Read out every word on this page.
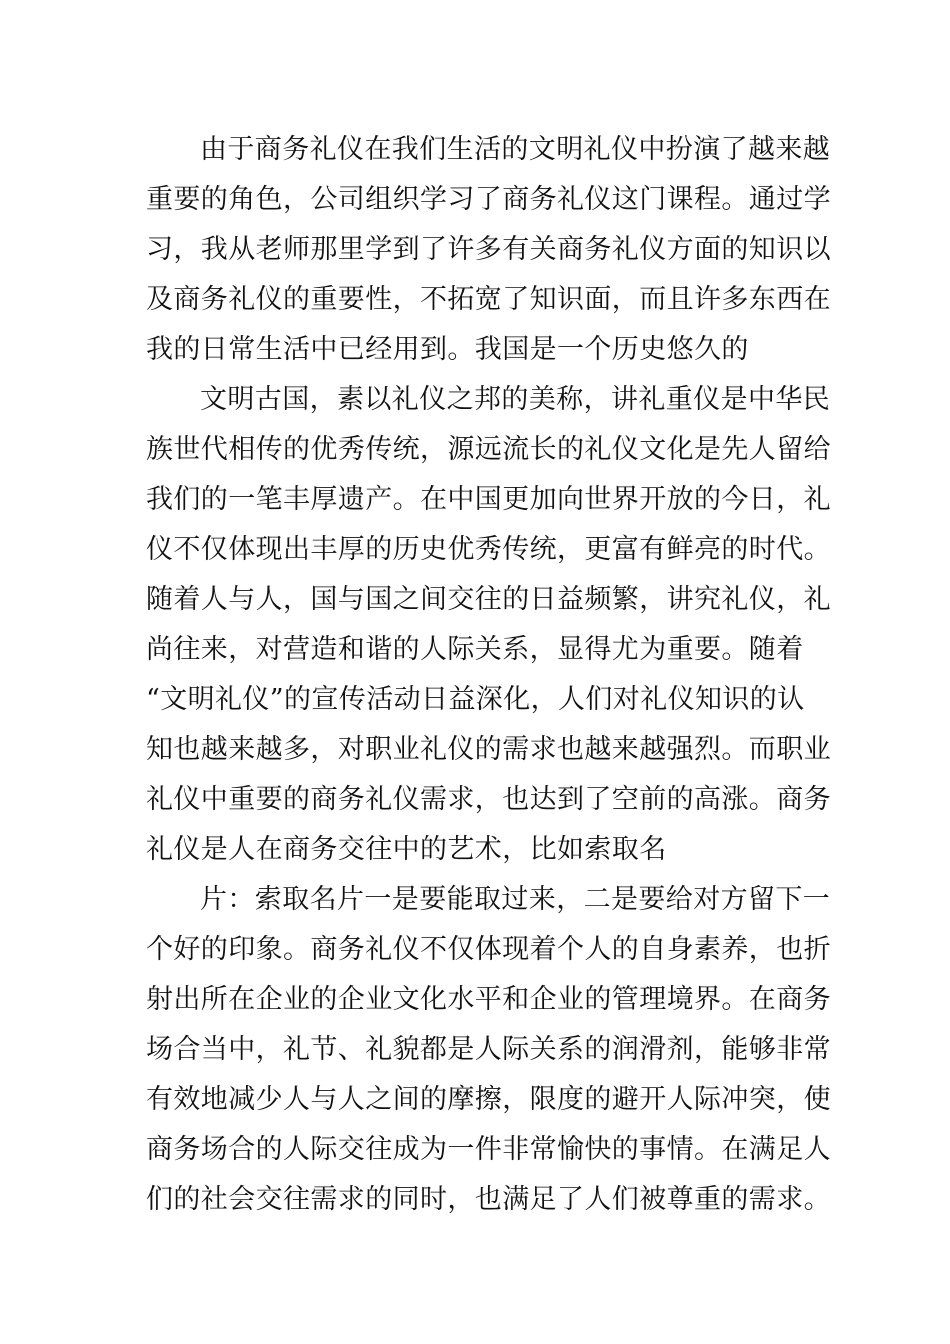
由于商务礼仪在我们生活的文明礼仪中扮演了越来越
重要的角色，公司组织学习了商务礼仪这门课程。通过学
习，我从老师那里学到了许多有关商务礼仪方面的知识以
及商务礼仪的重要性，不拓宽了知识面，而且许多东西在
我的日常生活中已经用到。我国是一个历史悠久的
文明古国，素以礼仪之邦的美称，讲礼重仪是中华民
族世代相传的优秀传统，源远流长的礼仪文化是先人留给
我们的一笔丰厚遗产。在中国更加向世界开放的今日，礼
仪不仅体现出丰厚的历史优秀传统，更富有鲜亮的时代。
随着人与人，国与国之间交往的日益频繁，讲究礼仪，礼
尚往来，对营造和谐的人际关系，显得尤为重要。随着
“文明礼仪”的宣传活动日益深化，人们对礼仪知识的认
知也越来越多，对职业礼仪的需求也越来越强烈。而职业
礼仪中重要的商务礼仪需求，也达到了空前的高涨。商务
礼仪是人在商务交往中的艺术，比如索取名
片：索取名片一是要能取过来，二是要给对方留下一
个好的印象。商务礼仪不仅体现着个人的自身素养，也折
射出所在企业的企业文化水平和企业的管理境界。在商务
场合当中，礼节、礼貌都是人际关系的润滑剂，能够非常
有效地减少人与人之间的摩擦，限度的避开人际冲突，使
商务场合的人际交往成为一件非常愉快的事情。在满足人
们的社会交往需求的同时，也满足了人们被尊重的需求。
